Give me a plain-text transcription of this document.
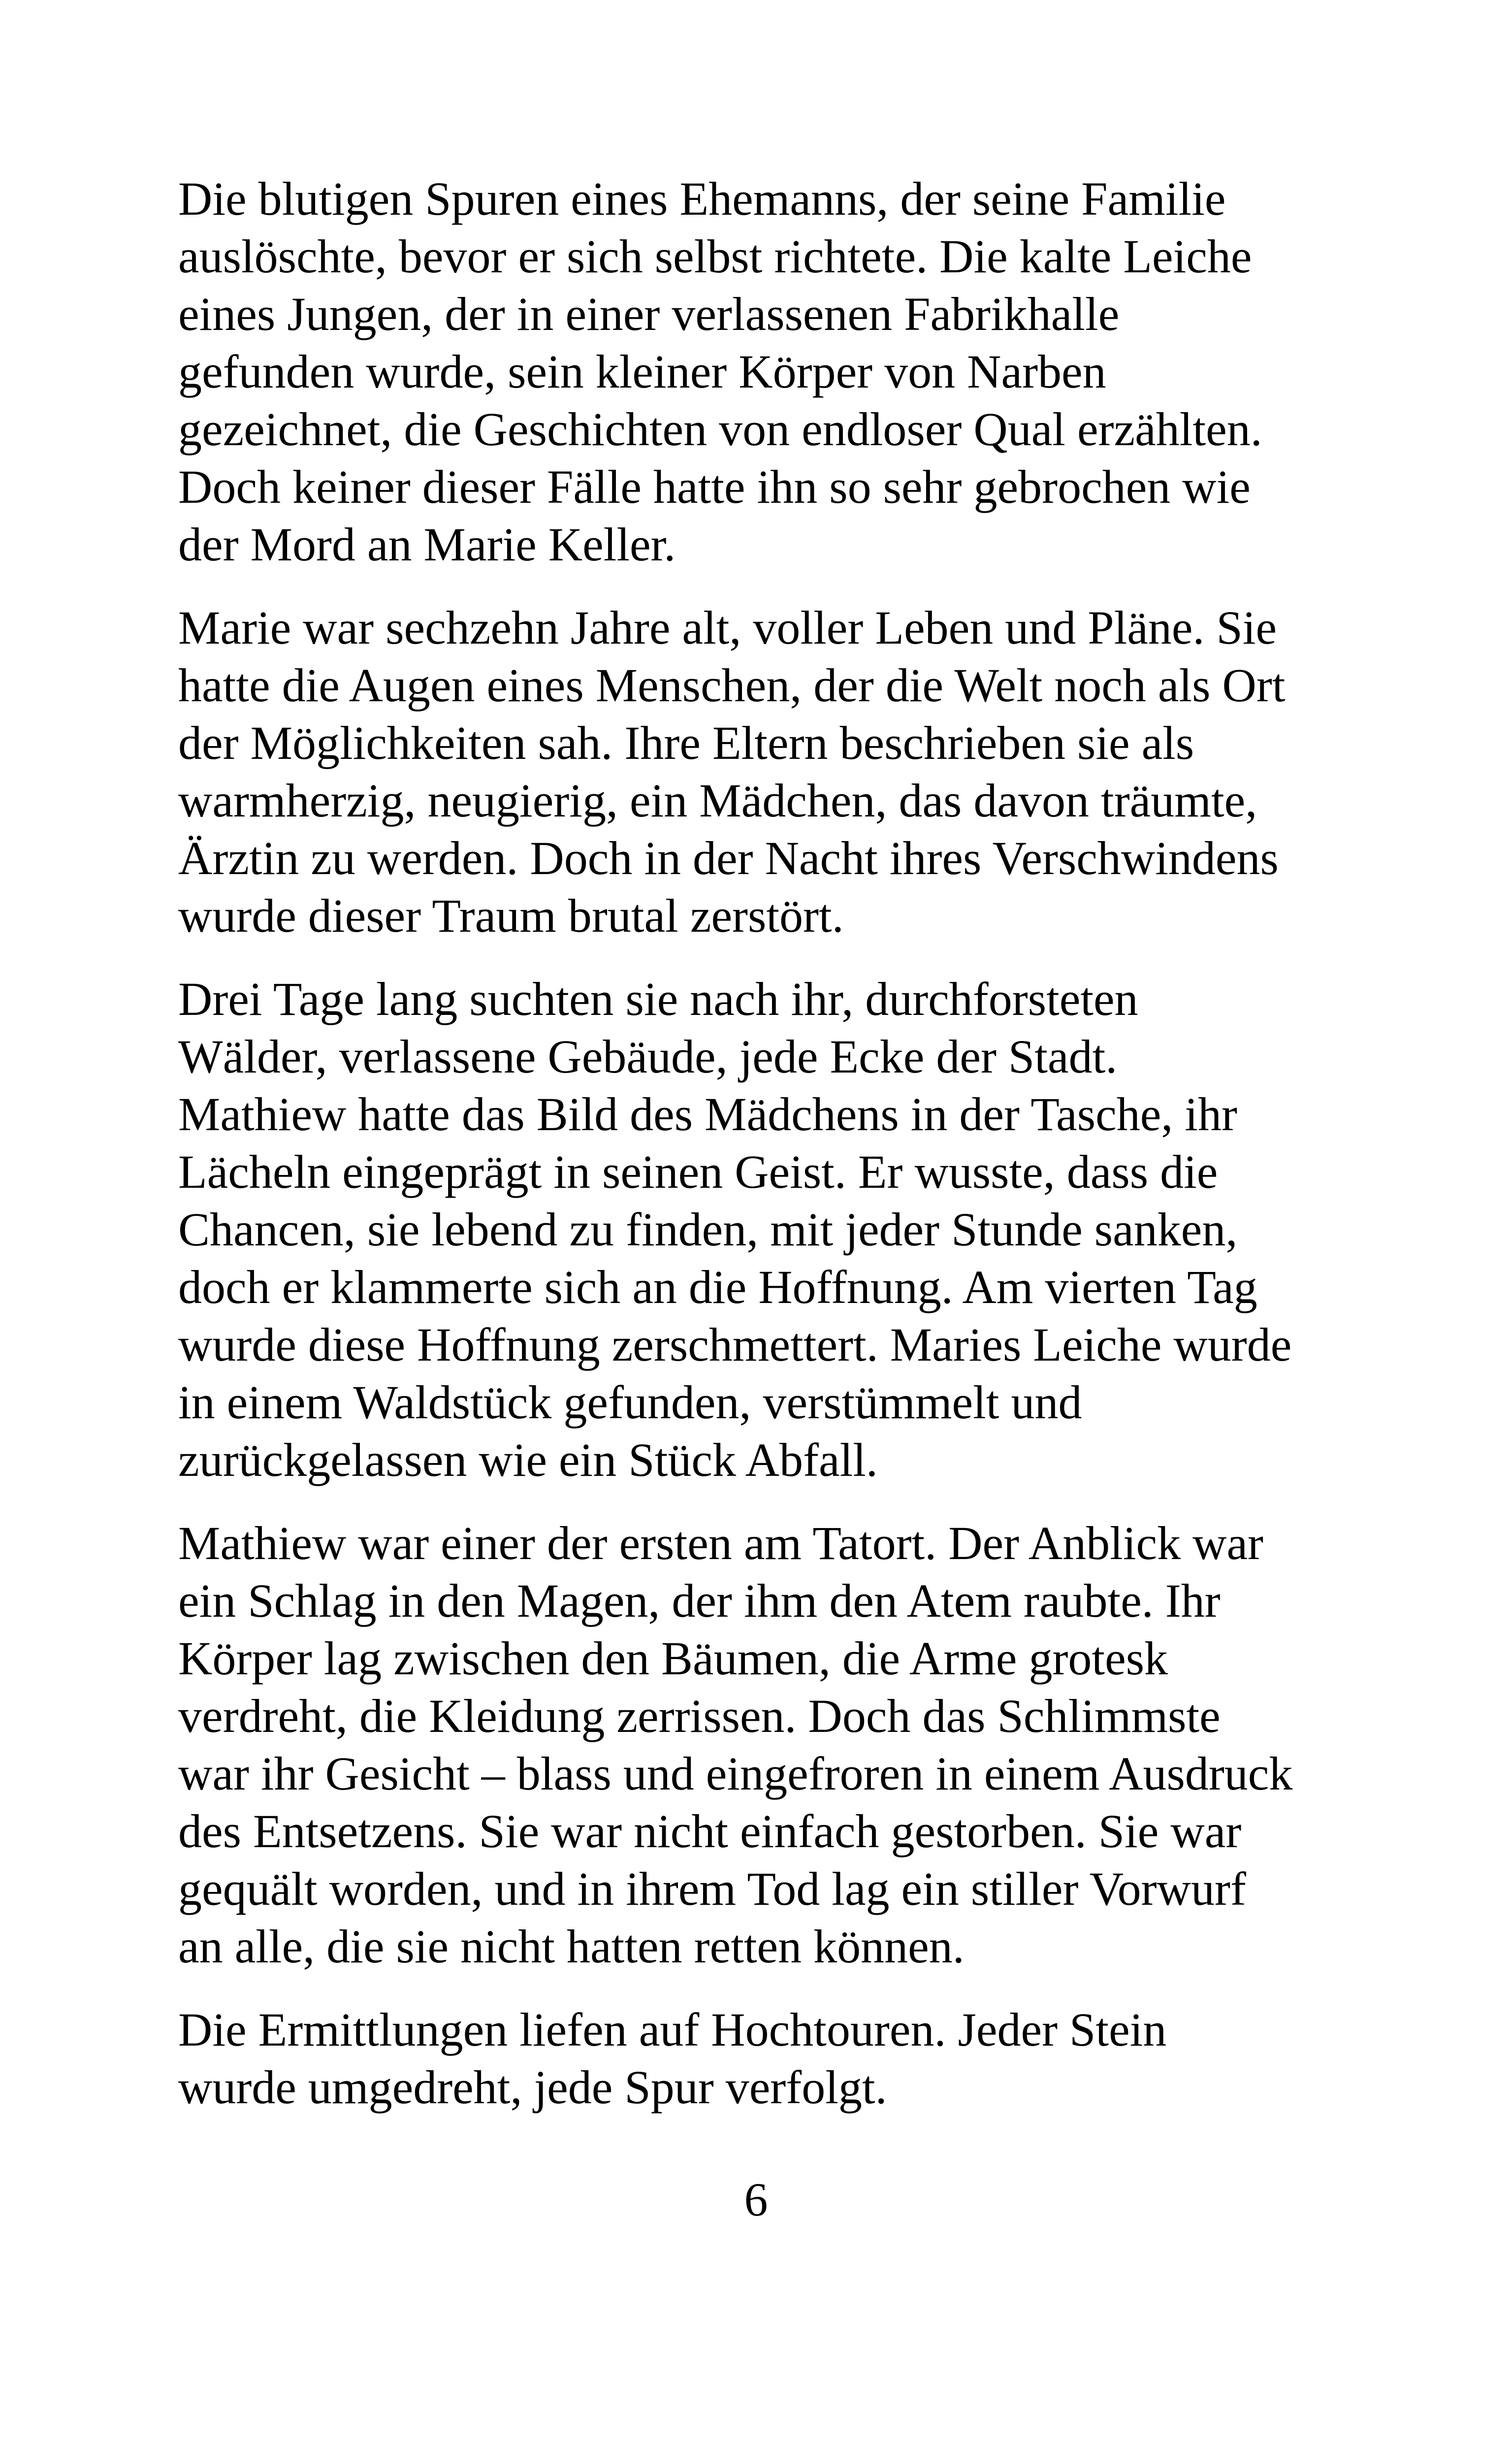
Die blutigen Spuren eines Ehemanns, der seine Familie
auslöschte, bevor er sich selbst richtete. Die kalte Leiche
eines Jungen, der in einer verlassenen Fabrikhalle
gefunden wurde, sein kleiner Körper von Narben
gezeichnet, die Geschichten von endloser Qual erzählten.
Doch keiner dieser Fälle hatte ihn so sehr gebrochen wie
der Mord an Marie Keller.

Marie war sechzehn Jahre alt, voller Leben und Pläne. Sie
hatte die Augen eines Menschen, der die Welt noch als Ort
der Möglichkeiten sah. Ihre Eltern beschrieben sie als
warmherzig, neugierig, ein Mädchen, das davon träumte,
Ärztin zu werden. Doch in der Nacht ihres Verschwindens
wurde dieser Traum brutal zerstört.

Drei Tage lang suchten sie nach ihr, durchforsteten
Wälder, verlassene Gebäude, jede Ecke der Stadt.
Mathiew hatte das Bild des Mädchens in der Tasche, ihr
Lächeln eingeprägt in seinen Geist. Er wusste, dass die
Chancen, sie lebend zu finden, mit jeder Stunde sanken,
doch er klammerte sich an die Hoffnung. Am vierten Tag
wurde diese Hoffnung zerschmettert. Maries Leiche wurde
in einem Waldstück gefunden, verstümmelt und
zurückgelassen wie ein Stück Abfall.

Mathiew war einer der ersten am Tatort. Der Anblick war
ein Schlag in den Magen, der ihm den Atem raubte. Ihr
Körper lag zwischen den Bäumen, die Arme grotesk
verdreht, die Kleidung zerrissen. Doch das Schlimmste
war ihr Gesicht – blass und eingefroren in einem Ausdruck
des Entsetzens. Sie war nicht einfach gestorben. Sie war
gequält worden, und in ihrem Tod lag ein stiller Vorwurf
an alle, die sie nicht hatten retten können.

Die Ermittlungen liefen auf Hochtouren. Jeder Stein
wurde umgedreht, jede Spur verfolgt.

6
